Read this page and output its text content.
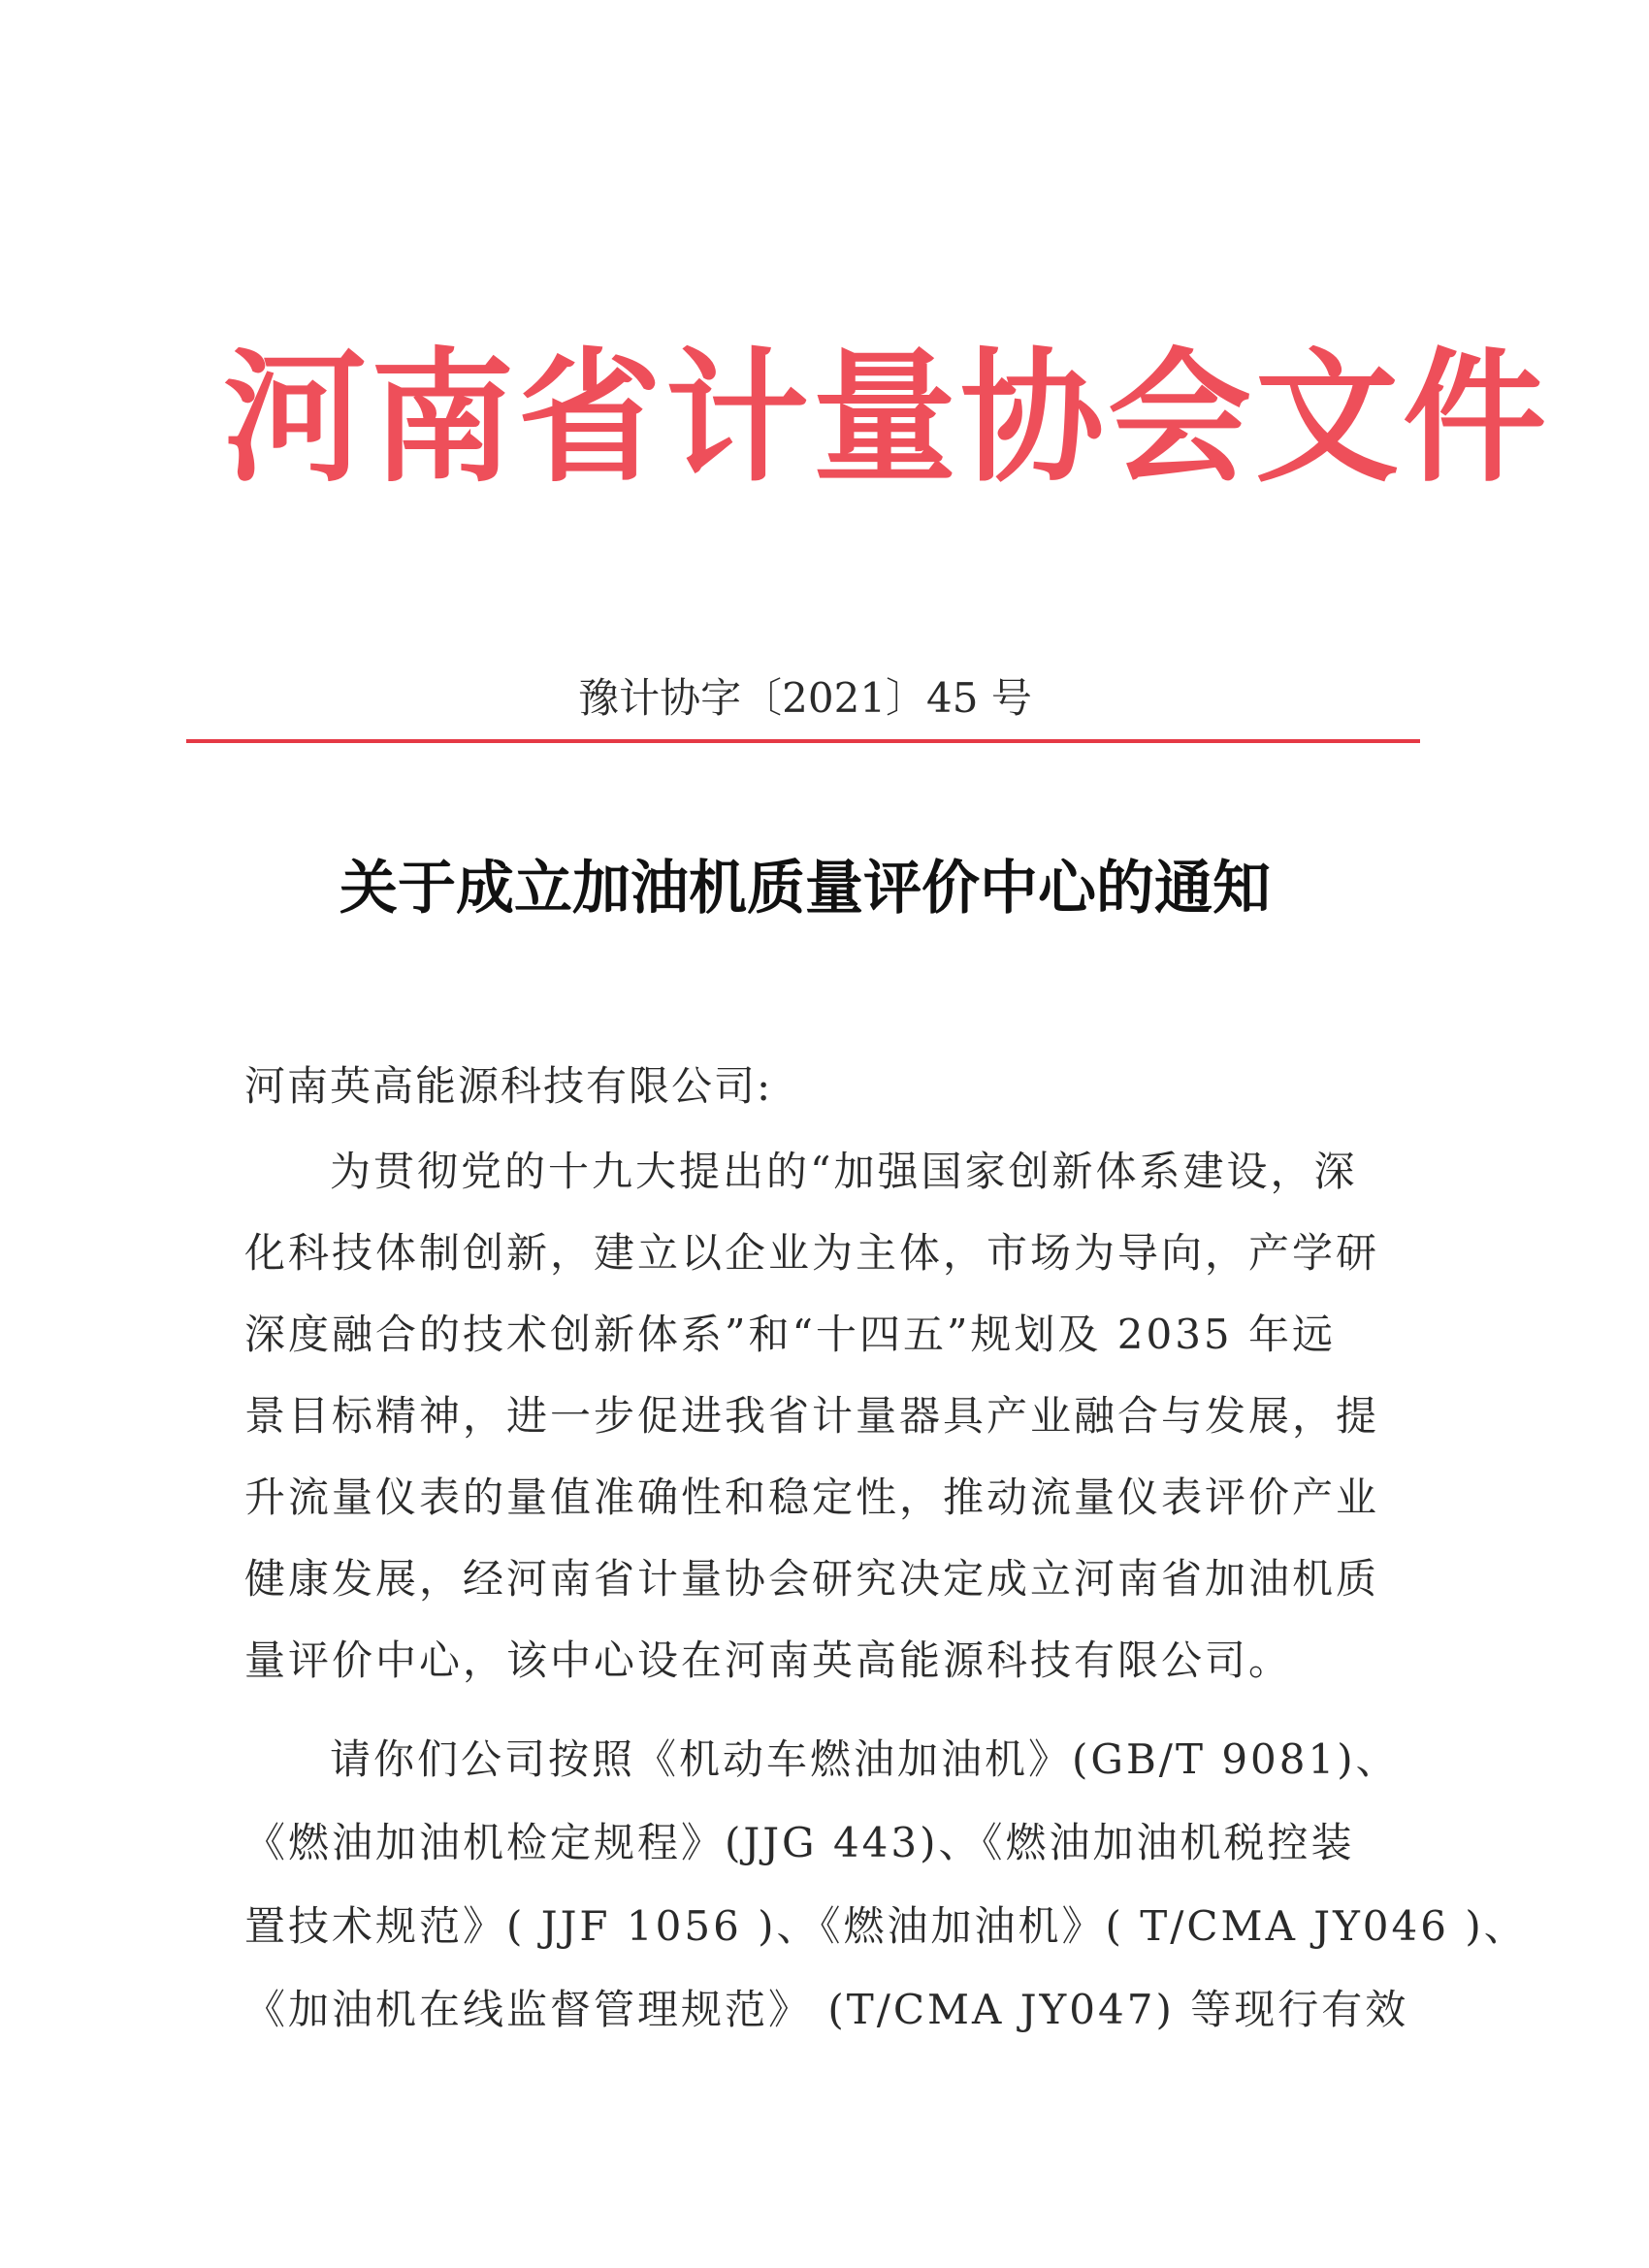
河南省计量协会文件
豫计协字〔2021〕45 号
关于成立加油机质量评价中心的通知
河南英高能源科技有限公司:
为贯彻党的十九大提出的“加强国家创新体系建设，深
化科技体制创新，建立以企业为主体，市场为导向，产学研
深度融合的技术创新体系”和“十四五”规划及 2035 年远
景目标精神，进一步促进我省计量器具产业融合与发展，提
升流量仪表的量值准确性和稳定性，推动流量仪表评价产业
健康发展，经河南省计量协会研究决定成立河南省加油机质
量评价中心，该中心设在河南英高能源科技有限公司。
请你们公司按照《机动车燃油加油机》(GB/T 9081)、
《燃油加油机检定规程》(JJG 443)、《燃油加油机税控装
置技术规范》( JJF 1056 )、《燃油加油机》( T/CMA JY046 )、
《加油机在线监督管理规范》 (T/CMA JY047) 等现行有效
